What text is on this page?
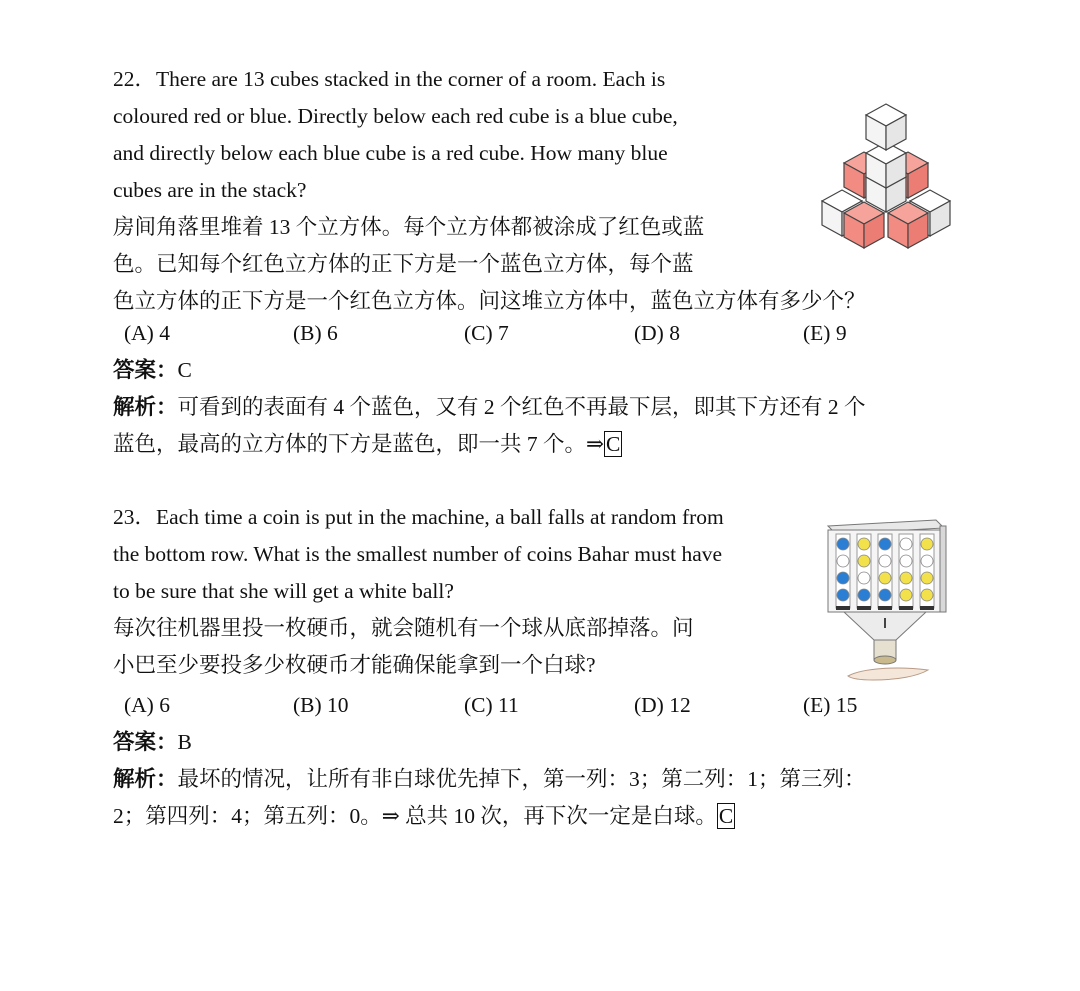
22．There are 13 cubes stacked in the corner of a room. Each is
coloured red or blue. Directly below each red cube is a blue cube,
and directly below each blue cube is a red cube. How many blue
cubes are in the stack?
房间角落里堆着 13 个立方体。每个立方体都被涂成了红色或蓝
色。已知每个红色立方体的正下方是一个蓝色立方体，每个蓝
色立方体的正下方是一个红色立方体。问这堆立方体中，蓝色立方体有多少个？
(A) 4	(B) 6	(C) 7	(D) 8	(E) 9
答案：C
解析：可看到的表面有 4 个蓝色，又有 2 个红色不再最下层，即其下方还有 2 个
蓝色，最高的立方体的下方是蓝色，即一共 7 个。⇒C
23．Each time a coin is put in the machine, a ball falls at random from
the bottom row. What is the smallest number of coins Bahar must have
to be sure that she will get a white ball?
每次往机器里投一枚硬币，就会随机有一个球从底部掉落。问
小巴至少要投多少枚硬币才能确保能拿到一个白球?
(A) 6	(B) 10	(C) 11	(D) 12	(E) 15
答案：B
解析：最坏的情况，让所有非白球优先掉下，第一列：3；第二列：1；第三列：
2；第四列：4；第五列：0。⇒ 总共 10 次，再下次一定是白球。C
